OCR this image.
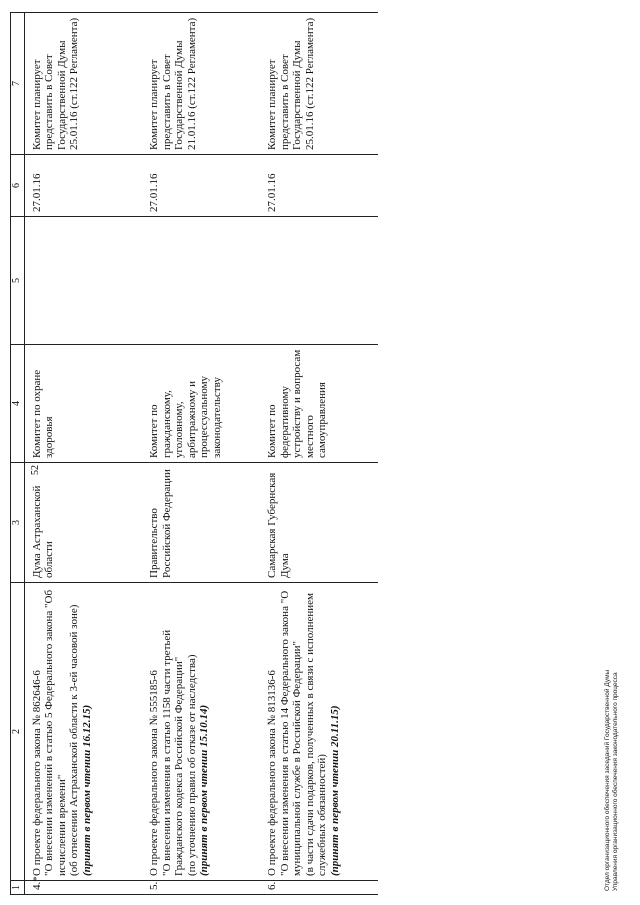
52
1	2	3	4	5	6	7
4.*	О проекте федерального закона № 862646-6 "О внесении изменений в статью 5 Федерального закона "Об исчислении времени" (об отнесении Астраханской области к 3-ей часовой зоне) (принят в первом чтении 16.12.15)	Дума Астраханской области	Комитет по охране здоровья		27.01.16	Комитет планирует представить в Совет Государственной Думы 25.01.16 (ст.122 Регламента)
5.	О проекте федерального закона № 555185-6 "О внесении изменения в статью 1158 части третьей Гражданского кодекса Российской Федерации" (по уточнению правил об отказе от наследства) (принят в первом чтении 15.10.14)	Правительство Российской Федерации	Комитет по гражданскому, уголовному, арбитражному и процессуальному законодательству		27.01.16	Комитет планирует представить в Совет Государственной Думы 21.01.16 (ст.122 Регламента)
6.	О проекте федерального закона № 813136-6 "О внесении изменения в статью 14 Федерального закона "О муниципальной службе в Российской Федерации" (в части сдачи подарков, полученных в связи с исполнением служебных обязанностей) (принят в первом чтении 20.11.15)	Самарская Губернская Дума	Комитет по федеративному устройству и вопросам местного самоуправления		27.01.16	Комитет планирует представить в Совет Государственной Думы 25.01.16 (ст.122 Регламента)
Отдел организационного обеспечения заседаний Государственной Думы Управления организационного обеспечения законодательного процесса
